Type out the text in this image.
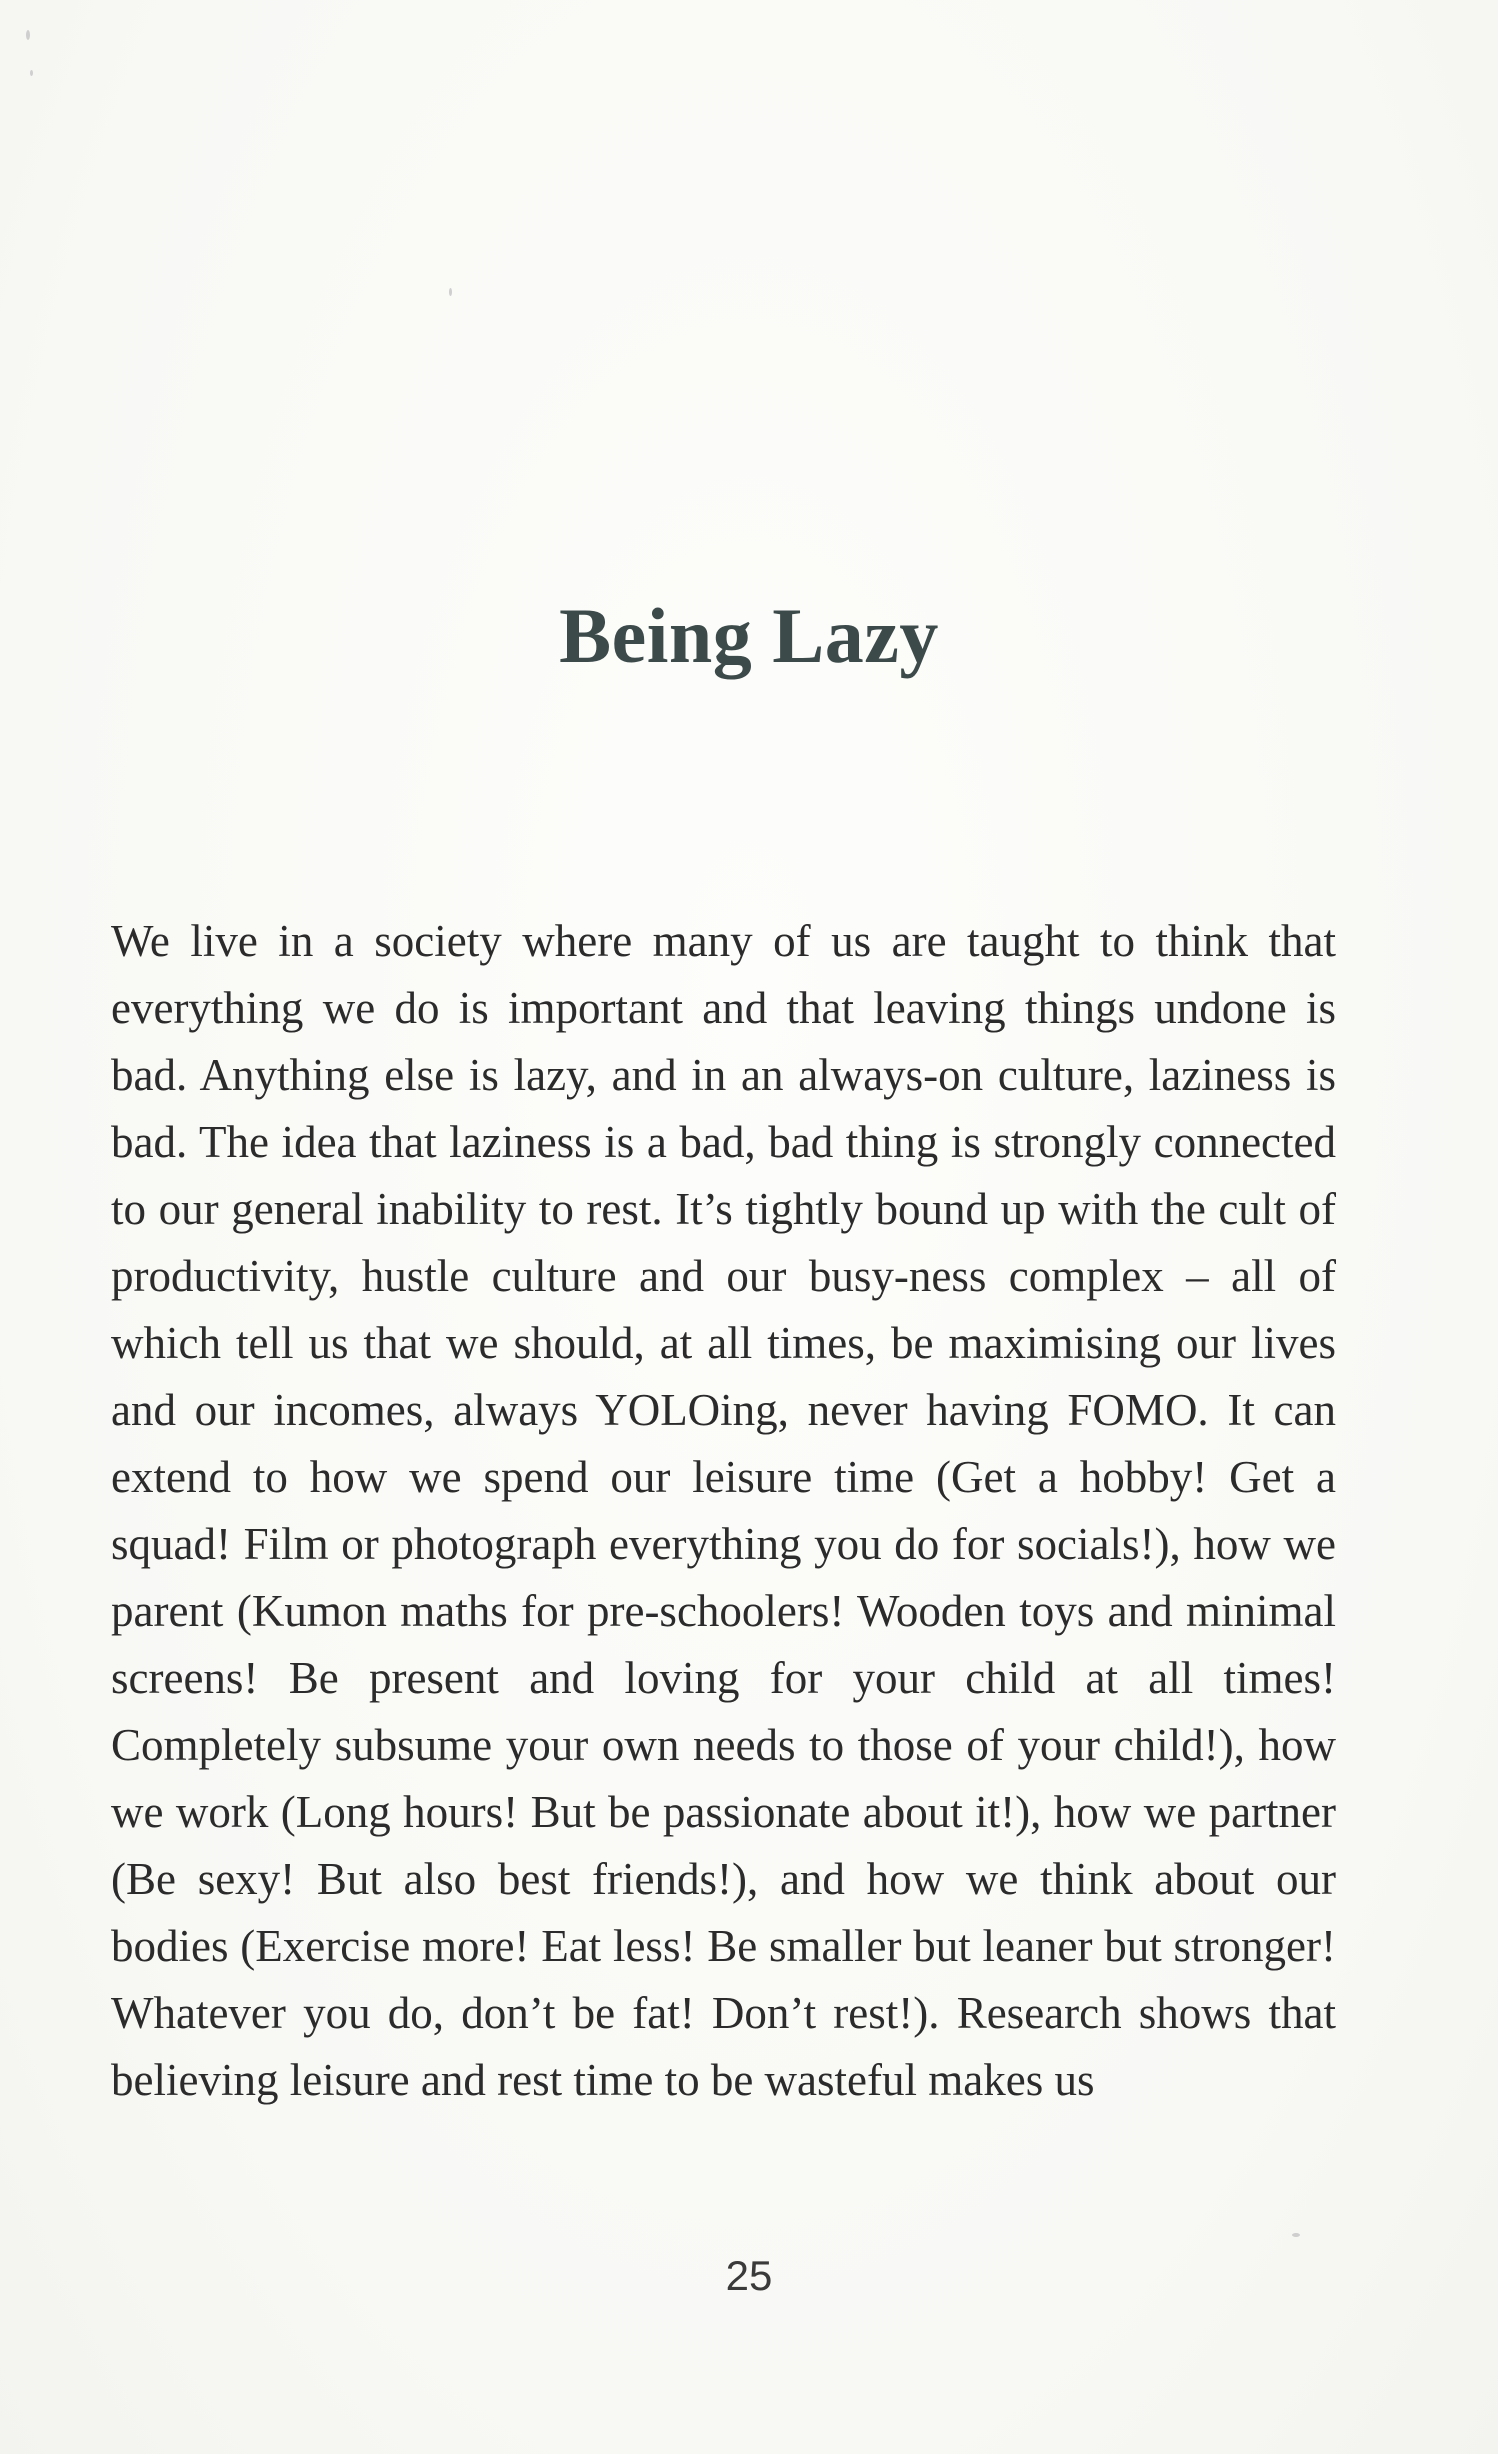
Being Lazy

We live in a society where many of us are taught to think that everything we do is important and that leaving things undone is bad. Anything else is lazy, and in an always-on culture, laziness is bad. The idea that laziness is a bad, bad thing is strongly connected to our general inability to rest. It’s tightly bound up with the cult of productivity, hustle culture and our busy-ness complex – all of which tell us that we should, at all times, be maximising our lives and our incomes, always YOLOing, never having FOMO. It can extend to how we spend our leisure time (Get a hobby! Get a squad! Film or photograph everything you do for socials!), how we parent (Kumon maths for pre-schoolers! Wooden toys and minimal screens! Be present and loving for your child at all times! Completely subsume your own needs to those of your child!), how we work (Long hours! But be passionate about it!), how we partner (Be sexy! But also best friends!), and how we think about our bodies (Exercise more! Eat less! Be smaller but leaner but stronger! Whatever you do, don’t be fat! Don’t rest!). Research shows that believing leisure and rest time to be wasteful makes us

25
